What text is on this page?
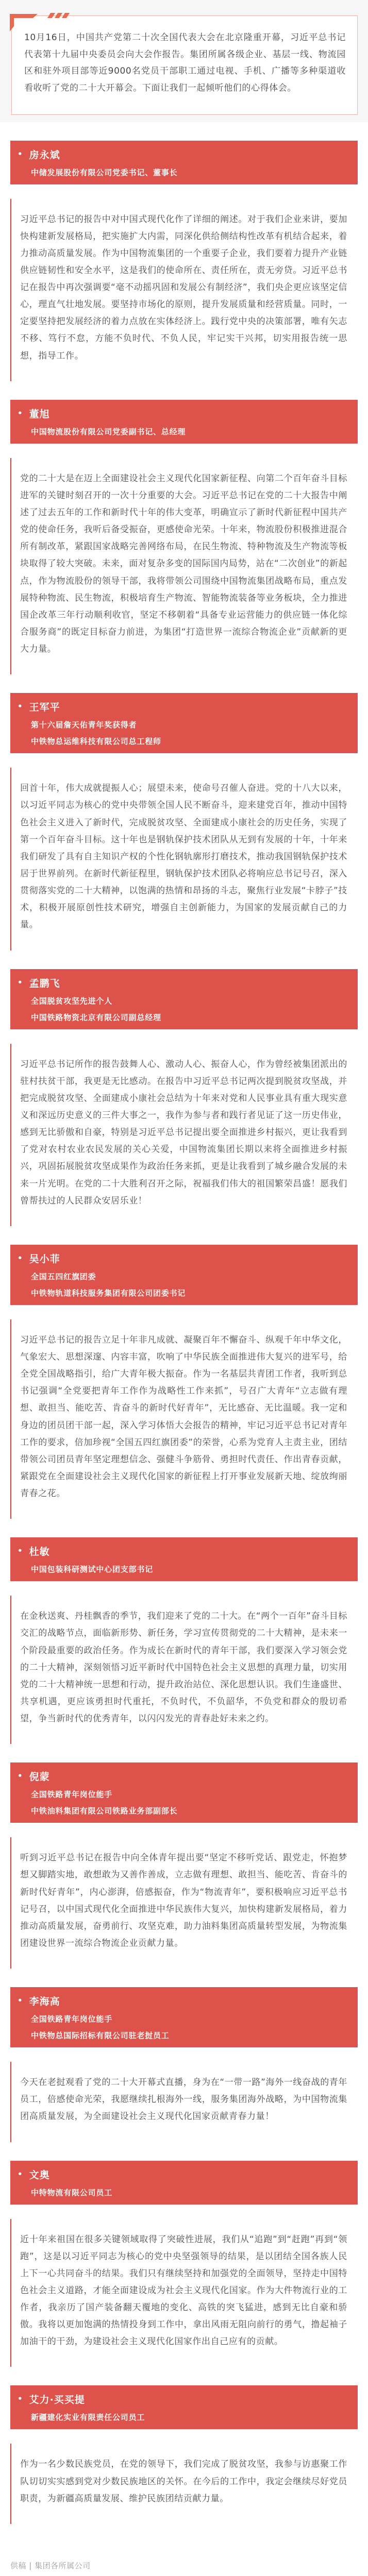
10月16日，中国共产党第二十次全国代表大会在北京隆重开幕，习近平总书记代表第十九届中央委员会向大会作报告。集团所属各级企业、基层一线、物流园区和驻外项目部等近9000名党员干部职工通过电视、手机、广播等多种渠道收看收听了党的二十大开幕会。下面让我们一起倾听他们的心得体会。
• 房永斌
中储发展股份有限公司党委书记、董事长
习近平总书记的报告中对中国式现代化作了详细的阐述。对于我们企业来讲，要加快构建新发展格局，把实施扩大内需，同深化供给侧结构性改革有机结合起来，着力推动高质量发展。作为中国物流集团的一个重要子企业，我们要着力提升产业链供应链韧性和安全水平，这是我们的使命所在、责任所在，责无旁贷。习近平总书记在报告中再次强调要“毫不动摇巩固和发展公有制经济”，我们央企更应该坚定信心，理直气壮地发展。要坚持市场化的原则，提升发展质量和经营质量。同时，一定要坚持把发展经济的着力点放在实体经济上。践行党中央的决策部署，唯有矢志不移、笃行不怠，方能不负时代、不负人民，牢记实干兴邦，切实用报告统一思想，指导工作。
• 董旭
中国物流股份有限公司党委副书记、总经理
党的二十大是在迈上全面建设社会主义现代化国家新征程、向第二个百年奋斗目标进军的关键时刻召开的一次十分重要的大会。习近平总书记在党的二十大报告中阐述了过去五年的工作和新时代十年的伟大变革，明确宣示了新时代新征程中国共产党的使命任务，我听后备受振奋，更感使命光荣。十年来，物流股份积极推进混合所有制改革，紧跟国家战略完善网络布局，在民生物流、特种物流及生产物流等板块取得了较大突破。未来，面对复杂多变的国际国内局势，站在“二次创业”的新起点，作为物流股份的领导干部，我将带领公司围绕中国物流集团战略布局，重点发展特种物流、民生物流，积极培育生产物流、智能物流装备等业务板块，全力推进国企改革三年行动顺利收官，坚定不移朝着“具备专业运营能力的供应链一体化综合服务商”的既定目标奋力前进，为集团“打造世界一流综合物流企业”贡献新的更大力量。
• 王军平
第十六届詹天佑青年奖获得者
中铁物总运维科技有限公司总工程师
回首十年，伟大成就提振人心；展望未来，使命号召催人奋进。党的十八大以来，以习近平同志为核心的党中央带领全国人民不断奋斗，迎来建党百年，推动中国特色社会主义进入了新时代，完成脱贫攻坚、全面建成小康社会的历史任务，实现了第一个百年奋斗目标。这十年也是钢轨保护技术团队从无到有发展的十年，十年来我们研发了具有自主知识产权的个性化钢轨廓形打磨技术，推动我国钢轨保护技术居于世界前列。在新时代新征程里，钢轨保护技术团队必将响应总书记号召，深入贯彻落实党的二十大精神，以饱满的热情和昂扬的斗志，聚焦行业发展“卡脖子”技术，积极开展原创性技术研究，增强自主创新能力，为国家的发展贡献自己的力量。
• 孟鹏飞
全国脱贫攻坚先进个人
中国铁路物资北京有限公司副总经理
习近平总书记所作的报告鼓舞人心、激动人心、振奋人心，作为曾经被集团派出的驻村扶贫干部，我更是无比感动。在报告中习近平总书记两次提到脱贫攻坚战，并把完成脱贫攻坚、全面建成小康社会总结为十年来对党和人民事业具有重大现实意义和深远历史意义的三件大事之一，我作为参与者和践行者见证了这一历史伟业，感到无比骄傲和自豪，特别是习近平总书记提出要全面推进乡村振兴，更让我看到了党对农村农业农民发展的关心关爱，中国物流集团长期以来将全面推进乡村振兴，巩固拓展脱贫攻坚成果作为政治任务来抓，更是让我看到了城乡融合发展的未来一片光明。在党的二十大胜利召开之际，祝福我们伟大的祖国繁荣昌盛！愿我们曾帮扶过的人民群众安居乐业！
• 吴小菲
全国五四红旗团委
中铁物轨道科技服务集团有限公司团委书记
习近平总书记的报告立足十年非凡成就、凝聚百年不懈奋斗、纵观千年中华文化，气象宏大、思想深邃、内容丰富，吹响了中华民族全面推进伟大复兴的进军号，给全党全国战略指引，给广大青年极大振奋。作为一名基层共青团工作者，我听到总书记强调“全党要把青年工作作为战略性工作来抓”，号召广大青年“立志做有理想、敢担当、能吃苦、肯奋斗的新时代好青年”，无比感奋、无比温暖。我一定和身边的团员团干部一起，深入学习体悟大会报告的精神，牢记习近平总书记对青年工作的要求，倍加珍视“全国五四红旗团委”的荣誉，心系为党育人主责主业，团结带领公司团员青年坚定理想信念、强健斗争筋骨、勇担时代责任、作出青春贡献，紧跟党在全面建设社会主义现代化国家的新征程上打开事业发展新天地、绽放绚丽青春之花。
• 杜敏
中国包装科研测试中心团支部书记
在金秋送爽、丹桂飘香的季节，我们迎来了党的二十大。在“两个一百年”奋斗目标交汇的战略节点，面临新形势、新任务，学习宣传贯彻党的二十大精神，是未来一个阶段最重要的政治任务。作为成长在新时代的青年干部，我们要深入学习领会党的二十大精神，深刻领悟习近平新时代中国特色社会主义思想的真理力量，切实用党的二十大精神统一思想和行动，提升政治站位、深化思想认识。我们生逢盛世、共享机遇，更应该勇担时代重托，不负时代，不负韶华，不负党和群众的殷切希望，争当新时代的优秀青年，以闪闪发光的青春赴好未来之约。
• 倪蒙
全国铁路青年岗位能手
中铁油料集团有限公司铁路业务部副部长
听到习近平总书记在报告中向全体青年提出要“坚定不移听党话、跟党走，怀抱梦想又脚踏实地，敢想敢为又善作善成，立志做有理想、敢担当、能吃苦、肯奋斗的新时代好青年”，内心澎湃，倍感振奋，作为“物流青年”，要积极响应习近平总书记号召，以中国式现代化全面推进中华民族伟大复兴，加快构建新发展格局，着力推动高质量发展，奋勇前行、攻坚克难，助力油料集团高质量转型发展，为物流集团建设世界一流综合物流企业贡献力量。
• 李海高
全国铁路青年岗位能手
中铁物总国际招标有限公司驻老挝员工
今天在老挝观看了党的二十大开幕式直播，身为在“一带一路”海外一线奋战的青年员工，倍感使命光荣，我愿继续扎根海外一线，服务集团海外战略，为中国物流集团高质量发展，为全面建设社会主义现代化国家贡献青春力量！
• 文奥
中特物流有限公司员工
近十年来祖国在很多关键领域取得了突破性进展，我们从“追跑”到“赶跑”再到“领跑”，这是以习近平同志为核心的党中央坚强领导的结果，是以团结全国各族人民上下一心共同奋斗的结果。我们只有继续坚持和加强党的全面领导，坚持走中国特色社会主义道路，才能全面建设成为社会主义现代化国家。作为大件物流行业的工作者，我亲历了国产装备翻天覆地的变化、高铁的突飞猛进，感到无比自豪和骄傲。我将以更加饱满的热情投身到工作中，拿出风雨无阻向前行的勇气，撸起袖子加油干的干劲，为建设社会主义现代化国家作出自己应有的贡献。
• 艾力·买买提
新疆建化实业有限责任公司员工
作为一名少数民族党员，在党的领导下，我们完成了脱贫攻坚，我参与访惠聚工作队切切实实感到党对少数民族地区的关怀。在今后的工作中，我定会继续尽好党员职责，为新疆高质量发展、维护民族团结贡献力量。
供稿 | 集团各所属公司
